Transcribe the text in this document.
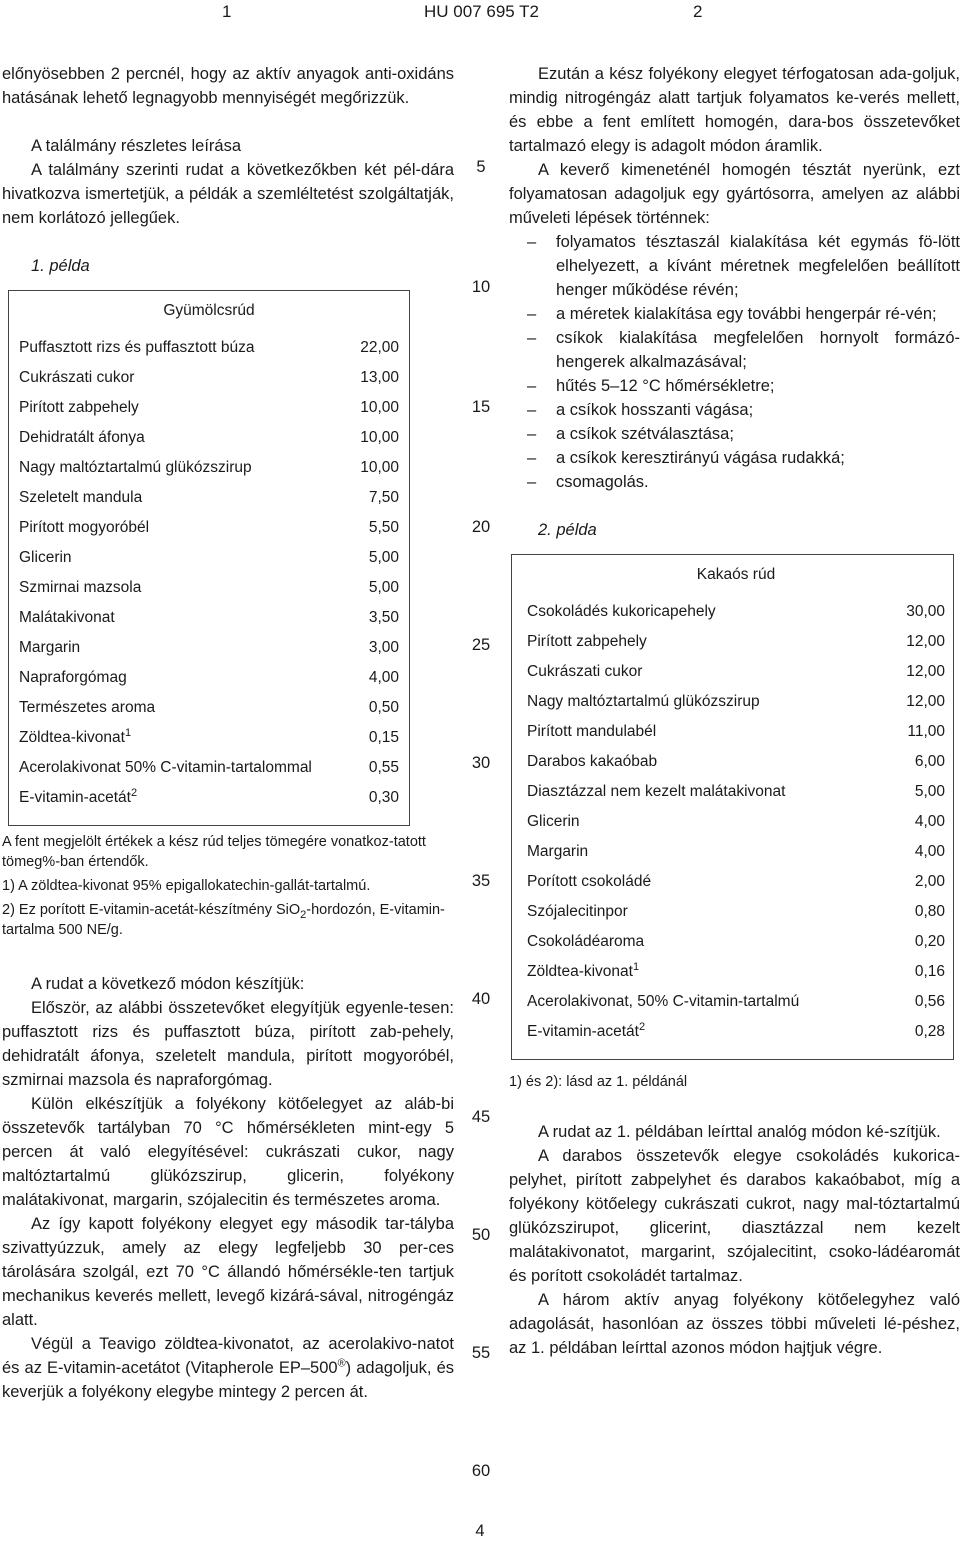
1	HU 007 695 T2	2

előnyösebben 2 percnél, hogy az aktív anyagok anti-oxidáns hatásának lehető legnagyobb mennyiségét megőrizzük.

A találmány részletes leírása

A találmány szerinti rudat a következőkben két pél-dára hivatkozva ismertetjük, a példák a szemléltetést szolgáltatják, nem korlátozó jellegűek.

1. példa

Gyümölcsrúd
Puffasztott rizs és puffasztott búza	22,00
Cukrászati cukor	13,00
Pirított zabpehely	10,00
Dehidratált áfonya	10,00
Nagy maltóztartalmú glükózszirup	10,00
Szeletelt mandula	7,50
Pirított mogyoróbél	5,50
Glicerin	5,00
Szmirnai mazsola	5,00
Malátakivonat	3,50
Margarin	3,00
Napraforgómag	4,00
Természetes aroma	0,50
Zöldtea-kivonat$^1$	0,15
Acerolakivonat 50% C-vitamin-tartalommal	0,55
E-vitamin-acetát$^2$	0,30

A fent megjelölt értékek a kész rúd teljes tömegére vonatkoz-tatott tömeg%-ban értendők.

1) A zöldtea-kivonat 95% epigallokatechin-gallát-tartalmú.

2) Ez porított E-vitamin-acetát-készítmény SiO$_2$-hordozón, E-vitamin-tartalma 500 NE/g.

A rudat a következő módon készítjük:

Először, az alábbi összetevőket elegyítjük egyenle-tesen: puffasztott rizs és puffasztott búza, pirított zab-pehely, dehidratált áfonya, szeletelt mandula, pirított mogyoróbél, szmirnai mazsola és napraforgómag.

Külön elkészítjük a folyékony kötőelegyet az aláb-bi összetevők tartályban 70 °C hőmérsékleten mint-egy 5 percen át való elegyítésével: cukrászati cukor, nagy maltóztartalmú glükózszirup, glicerin, folyékony malátakivonat, margarin, szójalecitin és természetes aroma.

Az így kapott folyékony elegyet egy második tar-tályba szivattyúzzuk, amely az elegy legfeljebb 30 per-ces tárolására szolgál, ezt 70 °C állandó hőmérsékle-ten tartjuk mechanikus keverés mellett, levegő kizárá-sával, nitrogéngáz alatt.

Végül a Teavigo zöldtea-kivonatot, az acerolakivo-natot és az E-vitamin-acetátot (Vitapherole EP–500®) adagoljuk, és keverjük a folyékony elegybe mintegy 2 percen át.

5
10
15
20
25
30
35
40
45
50
55
60

Ezután a kész folyékony elegyet térfogatosan ada-goljuk, mindig nitrogéngáz alatt tartjuk folyamatos ke-verés mellett, és ebbe a fent említett homogén, dara-bos összetevőket tartalmazó elegy is adagolt módon áramlik.

A keverő kimeneténél homogén tésztát nyerünk, ezt folyamatosan adagoljuk egy gyártósorra, amelyen az alábbi műveleti lépések történnek:

–	folyamatos tésztaszál kialakítása két egymás fö-lött elhelyezett, a kívánt méretnek megfelelően beállított henger működése révén;
–	a méretek kialakítása egy további hengerpár ré-vén;
–	csíkok kialakítása megfelelően hornyolt formázó-hengerek alkalmazásával;
–	hűtés 5–12 °C hőmérsékletre;
–	a csíkok hosszanti vágása;
–	a csíkok szétválasztása;
–	a csíkok keresztirányú vágása rudakká;
–	csomagolás.

2. példa

Kakaós rúd
Csokoládés kukoricapehely	30,00
Pirított zabpehely	12,00
Cukrászati cukor	12,00
Nagy maltóztartalmú glükózszirup	12,00
Pirított mandulabél	11,00
Darabos kakaóbab	6,00
Diasztázzal nem kezelt malátakivonat	5,00
Glicerin	4,00
Margarin	4,00
Porított csokoládé	2,00
Szójalecitinpor	0,80
Csokoládéaroma	0,20
Zöldtea-kivonat$^1$	0,16
Acerolakivonat, 50% C-vitamin-tartalmú	0,56
E-vitamin-acetát$^2$	0,28

1) és 2): lásd az 1. példánál

A rudat az 1. példában leírttal analóg módon ké-szítjük.

A darabos összetevők elegye csokoládés kukorica-pelyhet, pirított zabpelyhet és darabos kakaóbabot, míg a folyékony kötőelegy cukrászati cukrot, nagy mal-tóztartalmú glükózszirupot, glicerint, diasztázzal nem kezelt malátakivonatot, margarint, szójalecitint, csoko-ládéaromát és porított csokoládét tartalmaz.

A három aktív anyag folyékony kötőelegyhez való adagolását, hasonlóan az összes többi műveleti lé-péshez, az 1. példában leírttal azonos módon hajtjuk végre.

4
